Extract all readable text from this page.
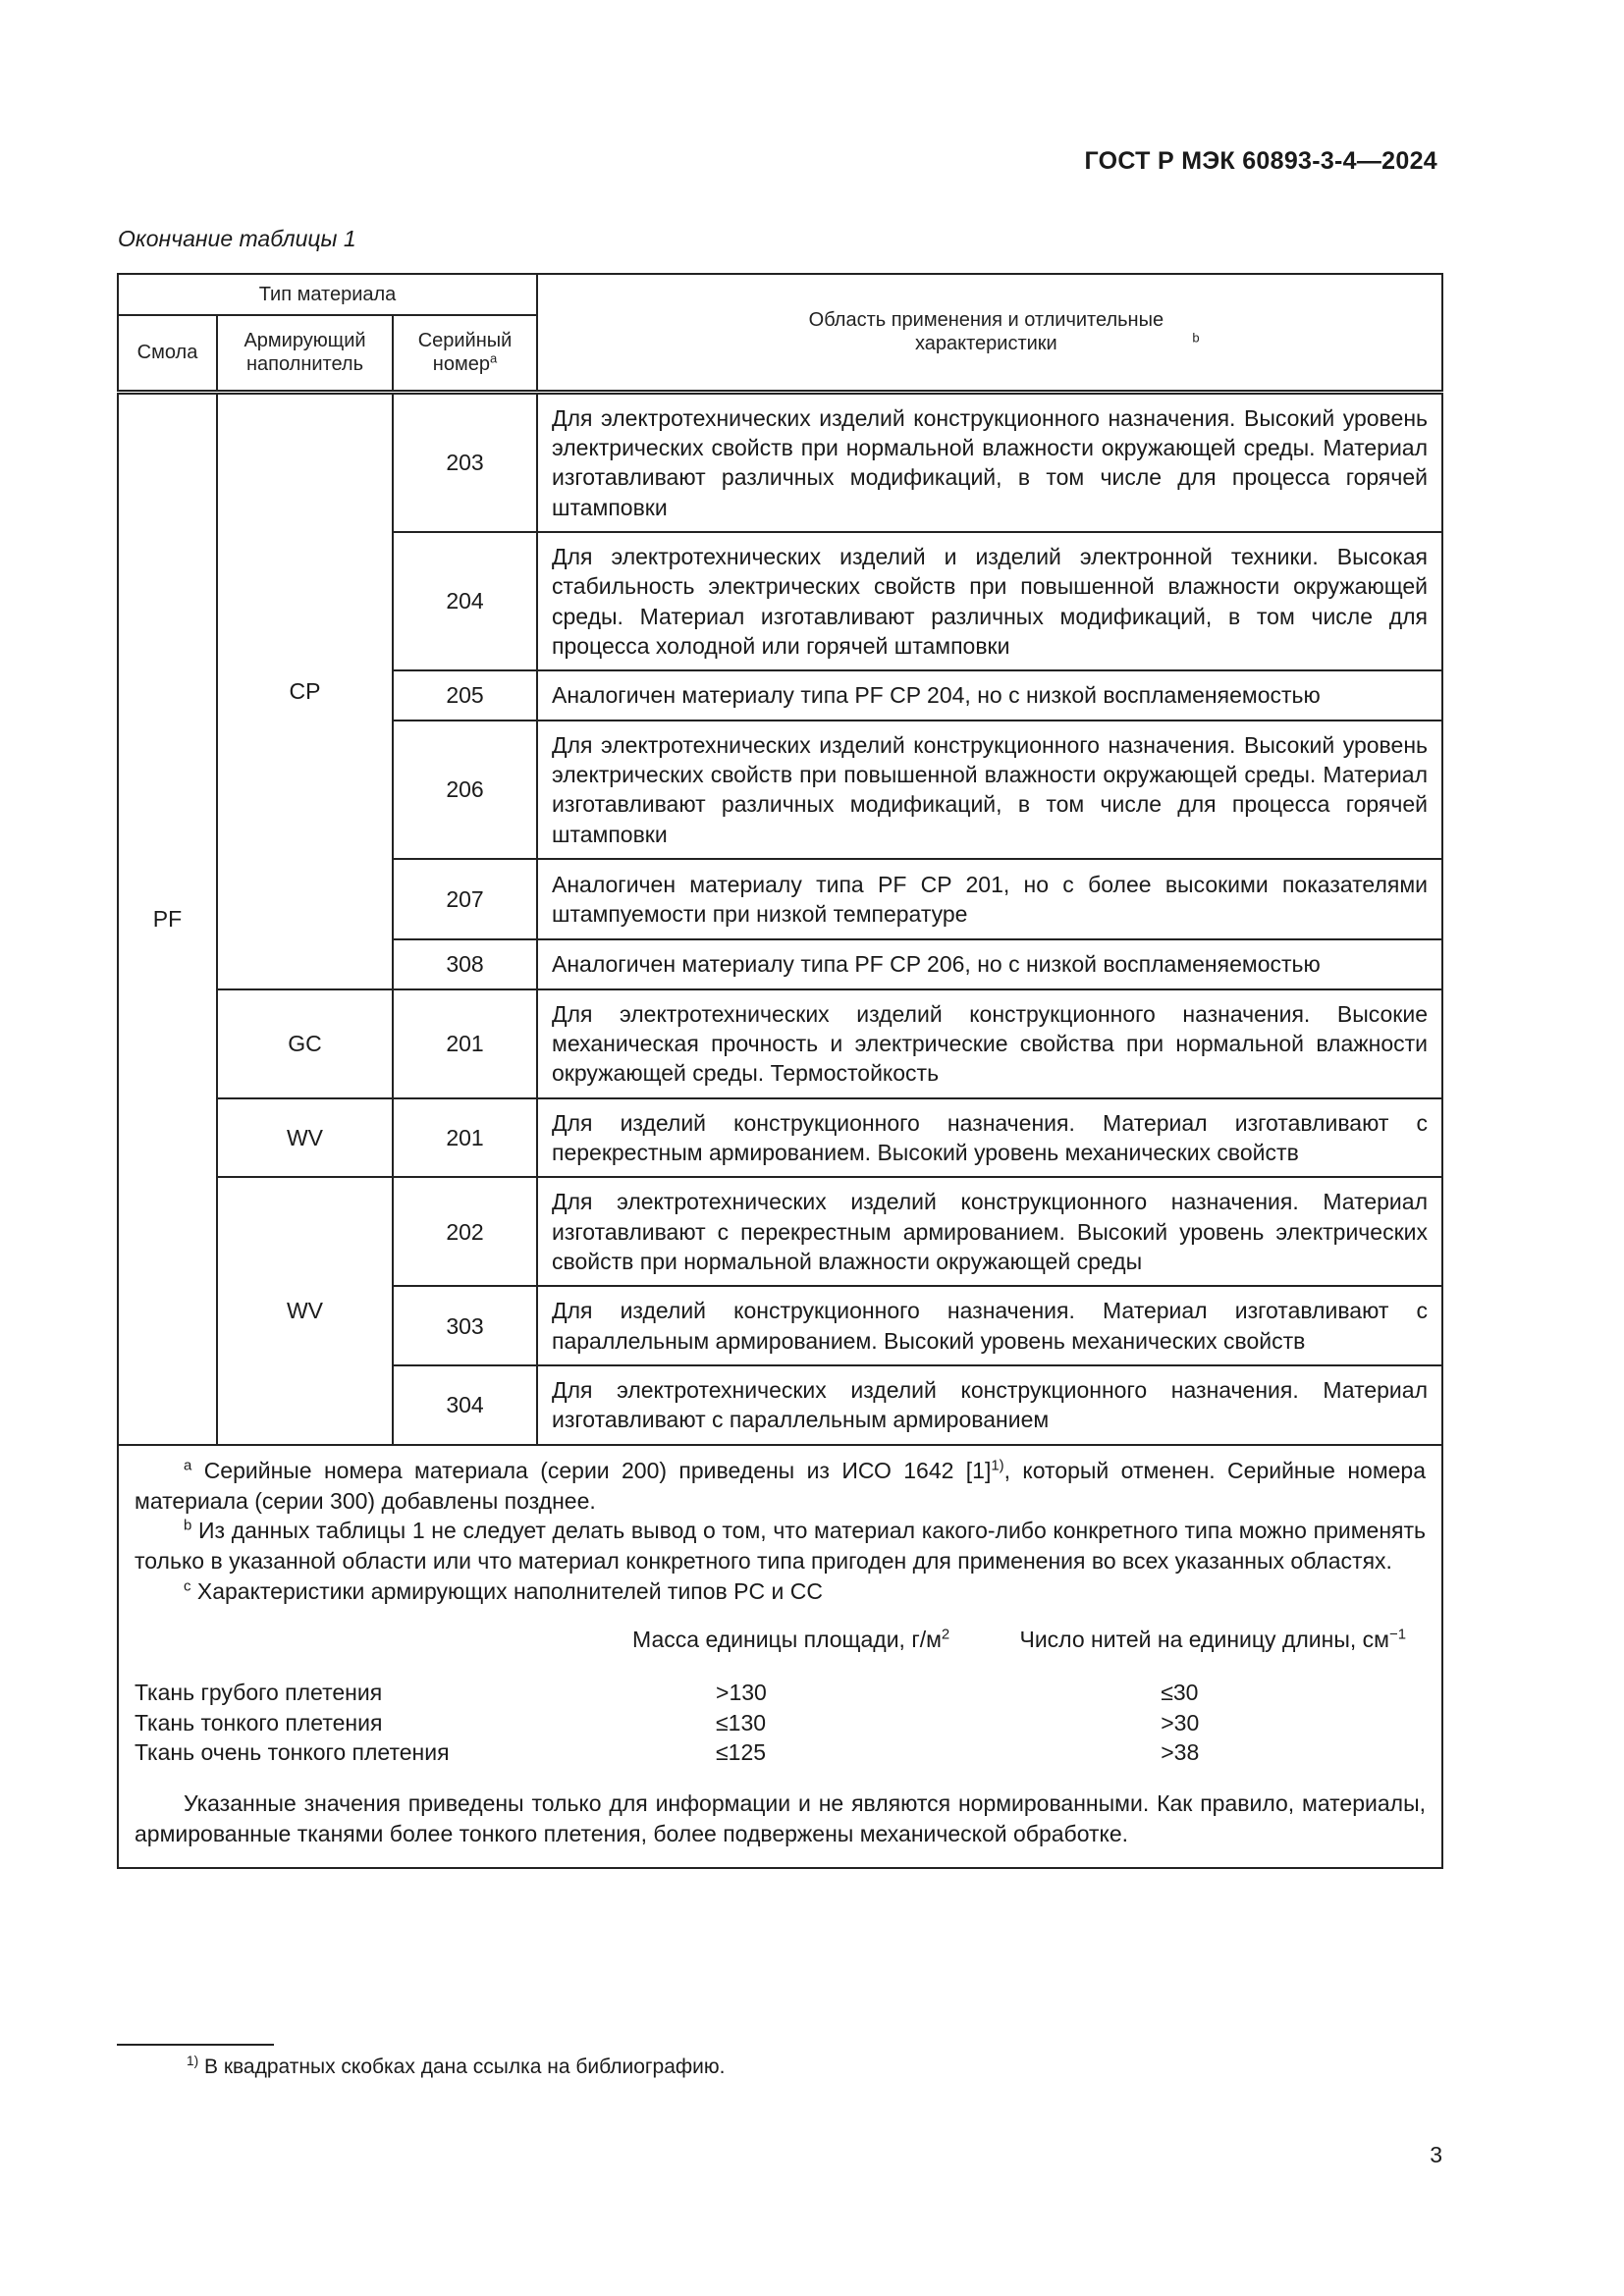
ГОСТ Р МЭК 60893-3-4—2024
Окончание таблицы 1
Тип материала			Область применения и отличительные характеристики $^b$
Смола	Армирующий наполнитель	Серийный номер$^a$
PF	CP	203	Для электротехнических изделий конструкционного назначения. Высокий уровень электрических свойств при нормальной влажности окружающей среды. Материал изготавливают различных модификаций, в том числе для процесса горячей штамповки
		204	Для электротехнических изделий и изделий электронной техники. Высокая стабильность электрических свойств при повышенной влажности окружающей среды. Материал изготавливают различных модификаций, в том числе для процесса холодной или горячей штамповки
		205	Аналогичен материалу типа PF CP 204, но с низкой воспламеняемостью
		206	Для электротехнических изделий конструкционного назначения. Высокий уровень электрических свойств при повышенной влажности окружающей среды. Материал изготавливают различных модификаций, в том числе для процесса горячей штамповки
		207	Аналогичен материалу типа PF CP 201, но с более высокими показателями штампуемости при низкой температуре
		308	Аналогичен материалу типа PF CP 206, но с низкой воспламеняемостью
	GC	201	Для электротехнических изделий конструкционного назначения. Высокие механическая прочность и электрические свойства при нормальной влажности окружающей среды. Термостойкость
	WV	201	Для изделий конструкционного назначения. Материал изготавливают с перекрестным армированием. Высокий уровень механических свойств
	WV	202	Для электротехнических изделий конструкционного назначения. Материал изготавливают с перекрестным армированием. Высокий уровень электрических свойств при нормальной влажности окружающей среды
		303	Для изделий конструкционного назначения. Материал изготавливают с параллельным армированием. Высокий уровень механических свойств
		304	Для электротехнических изделий конструкционного назначения. Материал изготавливают с параллельным армированием

$^a$ Серийные номера материала (серии 200) приведены из ИСО 1642 $[1]^{1)}$, который отменен. Серийные номера материала (серии 300) добавлены позднее.

$^b$ Из данных таблицы 1 не следует делать вывод о том, что материал какого-либо конкретного типа можно применять только в указанной области или что материал конкретного типа пригоден для применения во всех указанных областях.

$^c$ Характеристики армирующих наполнителей типов PC и CC

	Масса единицы площади, $г/м^2$	Число нитей на единицу длины, $см^{-1}$
Ткань грубого плетения	>130	≤30
Ткань тонкого плетения	≤130	>30
Ткань очень тонкого плетения	≤125	>38

Указанные значения приведены только для информации и не являются нормированными. Как правило, материалы, армированные тканями более тонкого плетения, более подвержены механической обработке.

$^{1)}$ В квадратных скобках дана ссылка на библиографию.
3
